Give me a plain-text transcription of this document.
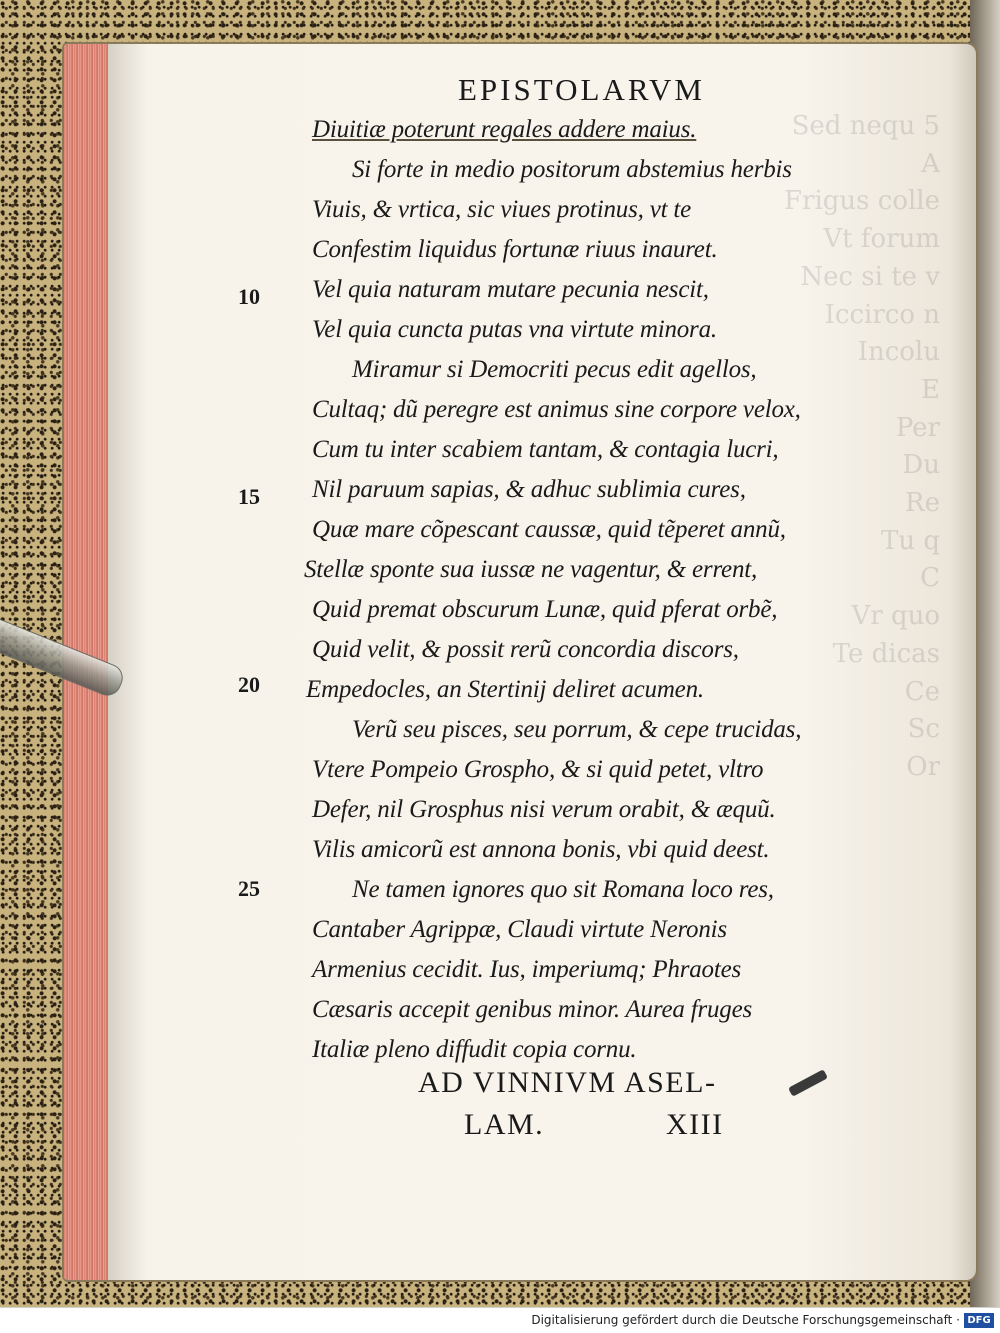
Sed nequ 5
A
Frigus colle
Vt forum
Nec si te v
Iccirco n
Incolu
E
Per
Du
Re
Tu q
C
Vr quo
Te dicas
Ce
Sc
Or
EPISTOLARVM
Diuitiæ poterunt regales addere maius.
Si forte in medio positorum abstemius herbis
Viuis, & vrtica, sic viues protinus, vt te
Confestim liquidus fortunæ riuus inauret.
Vel quia naturam mutare pecunia nescit,
Vel quia cuncta putas vna virtute minora.
Miramur si Democriti pecus edit agellos,
Cultaq; dũ peregre est animus sine corpore velox,
Cum tu inter scabiem tantam, & contagia lucri,
Nil paruum sapias, & adhuc sublimia cures,
Quæ mare cõpescant caussæ, quid tẽperet annũ,
Stellæ sponte sua iussæ ne vagentur, & errent,
Quid premat obscurum Lunæ, quid pferat orbẽ,
Quid velit, & possit rerũ concordia discors,
Empedocles, an Stertinij deliret acumen.
Verũ seu pisces, seu porrum, & cepe trucidas,
Vtere Pompeio Grospho, & si quid petet, vltro
Defer, nil Grosphus nisi verum orabit, & æquũ.
Vilis amicorũ est annona bonis, vbi quid deest.
Ne tamen ignores quo sit Romana loco res,
Cantaber Agrippæ, Claudi virtute Neronis
Armenius cecidit. Ius, imperiumq; Phraotes
Cæsaris accepit genibus minor. Aurea fruges
Italiæ pleno diffudit copia cornu.
10
15
20
25
AD VINNIVM ASEL-
LAM.	XIII
Digitalisierung gefördert durch die Deutsche Forschungsgemeinschaft · DFG
